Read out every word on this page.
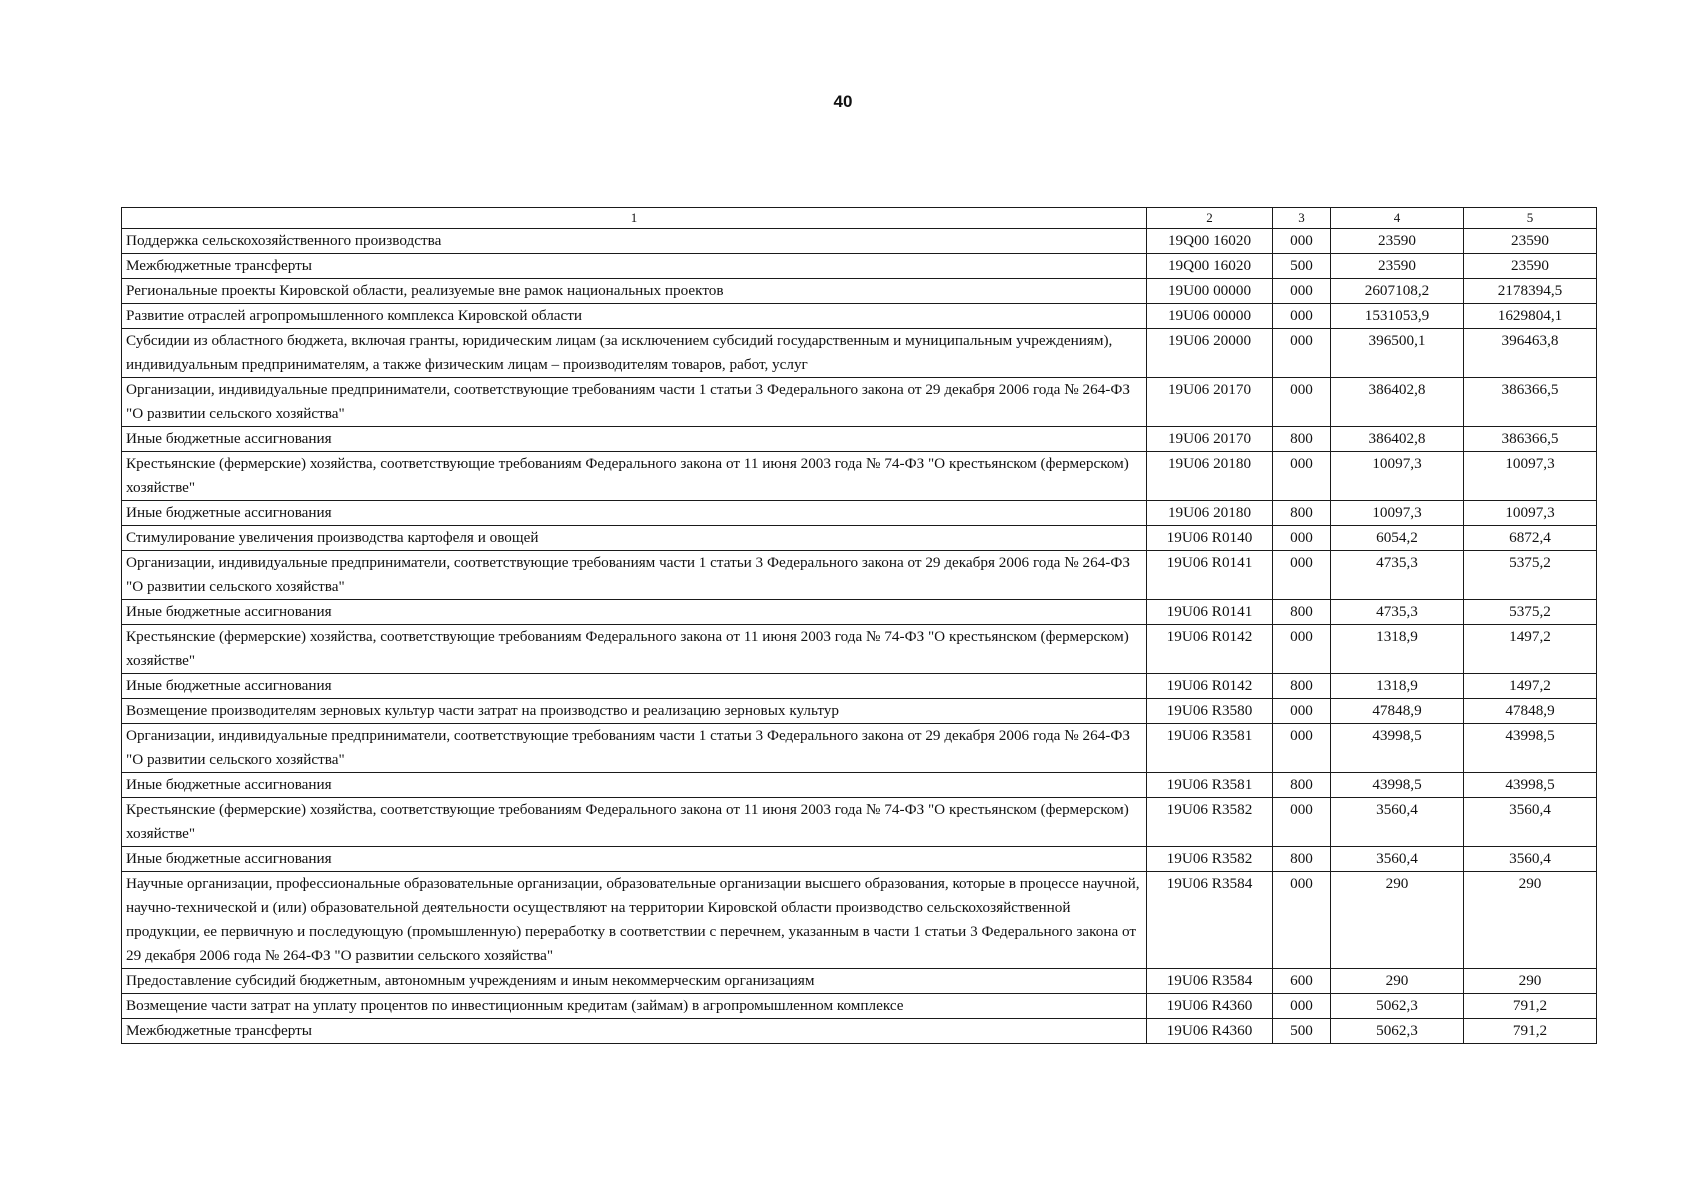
40
1	2	3	4	5
Поддержка сельскохозяйственного производства	19Q00 16020	000	23590	23590
Межбюджетные трансферты	19Q00 16020	500	23590	23590
Региональные проекты Кировской области, реализуемые вне рамок национальных проектов	19U00 00000	000	2607108,2	2178394,5
Развитие отраслей агропромышленного комплекса Кировской области	19U06 00000	000	1531053,9	1629804,1
Субсидии из областного бюджета, включая гранты, юридическим лицам (за исключением субсидий государственным и муниципальным учреждениям), индивидуальным предпринимателям, а также физическим лицам – производителям товаров, работ, услуг	19U06 20000	000	396500,1	396463,8
Организации, индивидуальные предприниматели, соответствующие требованиям части 1 статьи 3 Федерального закона от 29 декабря 2006 года № 264-ФЗ "О развитии сельского хозяйства"	19U06 20170	000	386402,8	386366,5
Иные бюджетные ассигнования	19U06 20170	800	386402,8	386366,5
Крестьянские (фермерские) хозяйства, соответствующие требованиям Федерального закона от 11 июня 2003 года № 74-ФЗ "О крестьянском (фермерском) хозяйстве"	19U06 20180	000	10097,3	10097,3
Иные бюджетные ассигнования	19U06 20180	800	10097,3	10097,3
Стимулирование увеличения производства картофеля и овощей	19U06 R0140	000	6054,2	6872,4
Организации, индивидуальные предприниматели, соответствующие требованиям части 1 статьи 3 Федерального закона от 29 декабря 2006 года № 264-ФЗ "О развитии сельского хозяйства"	19U06 R0141	000	4735,3	5375,2
Иные бюджетные ассигнования	19U06 R0141	800	4735,3	5375,2
Крестьянские (фермерские) хозяйства, соответствующие требованиям Федерального закона от 11 июня 2003 года № 74-ФЗ "О крестьянском (фермерском) хозяйстве"	19U06 R0142	000	1318,9	1497,2
Иные бюджетные ассигнования	19U06 R0142	800	1318,9	1497,2
Возмещение производителям зерновых культур части затрат на производство и реализацию зерновых культур	19U06 R3580	000	47848,9	47848,9
Организации, индивидуальные предприниматели, соответствующие требованиям части 1 статьи 3 Федерального закона от 29 декабря 2006 года № 264-ФЗ "О развитии сельского хозяйства"	19U06 R3581	000	43998,5	43998,5
Иные бюджетные ассигнования	19U06 R3581	800	43998,5	43998,5
Крестьянские (фермерские) хозяйства, соответствующие требованиям Федерального закона от 11 июня 2003 года № 74-ФЗ "О крестьянском (фермерском) хозяйстве"	19U06 R3582	000	3560,4	3560,4
Иные бюджетные ассигнования	19U06 R3582	800	3560,4	3560,4
Научные организации, профессиональные образовательные организации, образовательные организации высшего образования, которые в процессе научной, научно-технической и (или) образовательной деятельности осуществляют на территории Кировской области производство сельскохозяйственной продукции, ее первичную и последующую (промышленную) переработку в соответствии с перечнем, указанным в части 1 статьи 3 Федерального закона от 29 декабря 2006 года № 264-ФЗ "О развитии сельского хозяйства"	19U06 R3584	000	290	290
Предоставление субсидий бюджетным, автономным учреждениям и иным некоммерческим организациям	19U06 R3584	600	290	290
Возмещение части затрат на уплату процентов по инвестиционным кредитам (займам) в агропромышленном комплексе	19U06 R4360	000	5062,3	791,2
Межбюджетные трансферты	19U06 R4360	500	5062,3	791,2
